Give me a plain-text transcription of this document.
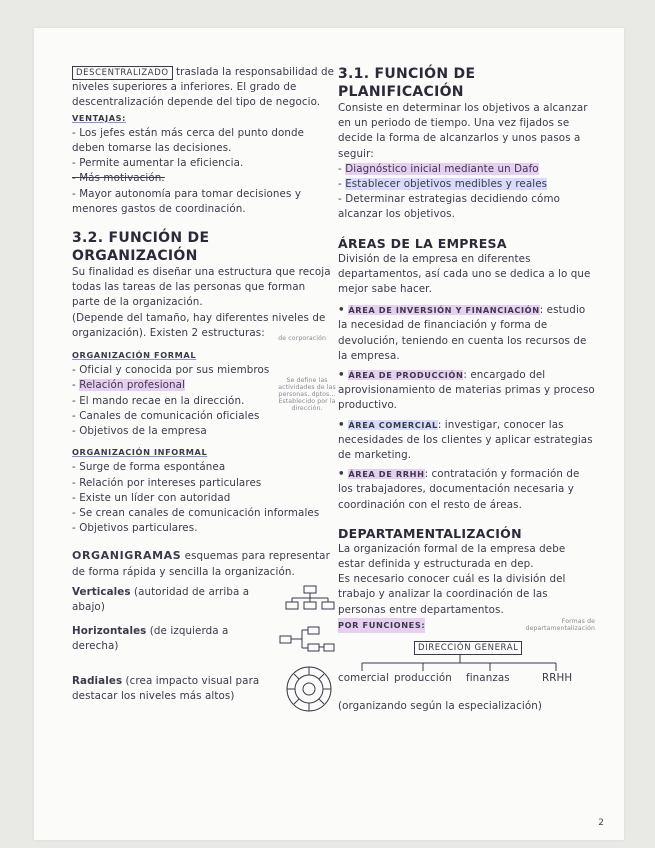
DESCENTRALIZADO traslada la responsabilidad de niveles superiores a inferiores. El grado de descentralización depende del tipo de negocio.

VENTAJAS:
- Los jefes están más cerca del punto donde deben tomarse las decisiones.
- Permite aumentar la eficiencia.
- Más motivación.
- Mayor autonomía para tomar decisiones y menores gastos de coordinación.
3.2. FUNCIÓN DE ORGANIZACIÓN

Su finalidad es diseñar una estructura que recoja todas las tareas de las personas que forman parte de la organización.

(Depende del tamaño, hay diferentes niveles de organización). Existen 2 estructuras:	de corporación
ORGANIZACIÓN FORMAL
- Oficial y conocida por sus miembros
- Relación profesional
- El mando recae en la dirección.
- Canales de comunicación oficiales
- Objetivos de la empresa
Se define las actividades de las personas, dptos... Establecido por la dirección.
ORGANIZACIÓN INFORMAL
- Surge de forma espontánea
- Relación por intereses particulares
- Existe un líder con autoridad
- Se crean canales de comunicación informales
- Objetivos particulares.

ORGANIGRAMAS esquemas para representar de forma rápida y sencilla la organización.

Verticales (autoridad de arriba a abajo)
Horizontales (de izquierda a derecha)
Radiales (crea impacto visual para destacar los niveles más altos)
3.1. FUNCIÓN DE PLANIFICACIÓN

Consiste en determinar los objetivos a alcanzar en un periodo de tiempo. Una vez fijados se decide la forma de alcanzarlos y unos pasos a seguir:

- Diagnóstico inicial mediante un Dafo
- Establecer objetivos medibles y reales
- Determinar estrategias decidiendo cómo alcanzar los objetivos.
ÁREAS DE LA EMPRESA

División de la empresa en diferentes departamentos, así cada uno se dedica a lo que mejor sabe hacer.

• ÁREA DE INVERSIÓN Y FINANCIACIÓN: estudio la necesidad de financiación y forma de devolución, teniendo en cuenta los recursos de la empresa.
• ÁREA DE PRODUCCIÓN: encargado del aprovisionamiento de materias primas y proceso productivo.
• ÁREA COMERCIAL: investigar, conocer las necesidades de los clientes y aplicar estrategias de marketing.
• ÁREA DE RRHH: contratación y formación de los trabajadores, documentación necesaria y coordinación con el resto de áreas.
DEPARTAMENTALIZACIÓN

La organización formal de la empresa debe estar definida y estructurada en dep.

Es necesario conocer cuál es la división del trabajo y analizar la coordinación de las personas entre departamentos.

POR FUNCIONES:	Formas de departamentalización
DIRECCIÓN GENERAL
comercial producción finanzas	RRHH

(organizando según la especialización)

2
